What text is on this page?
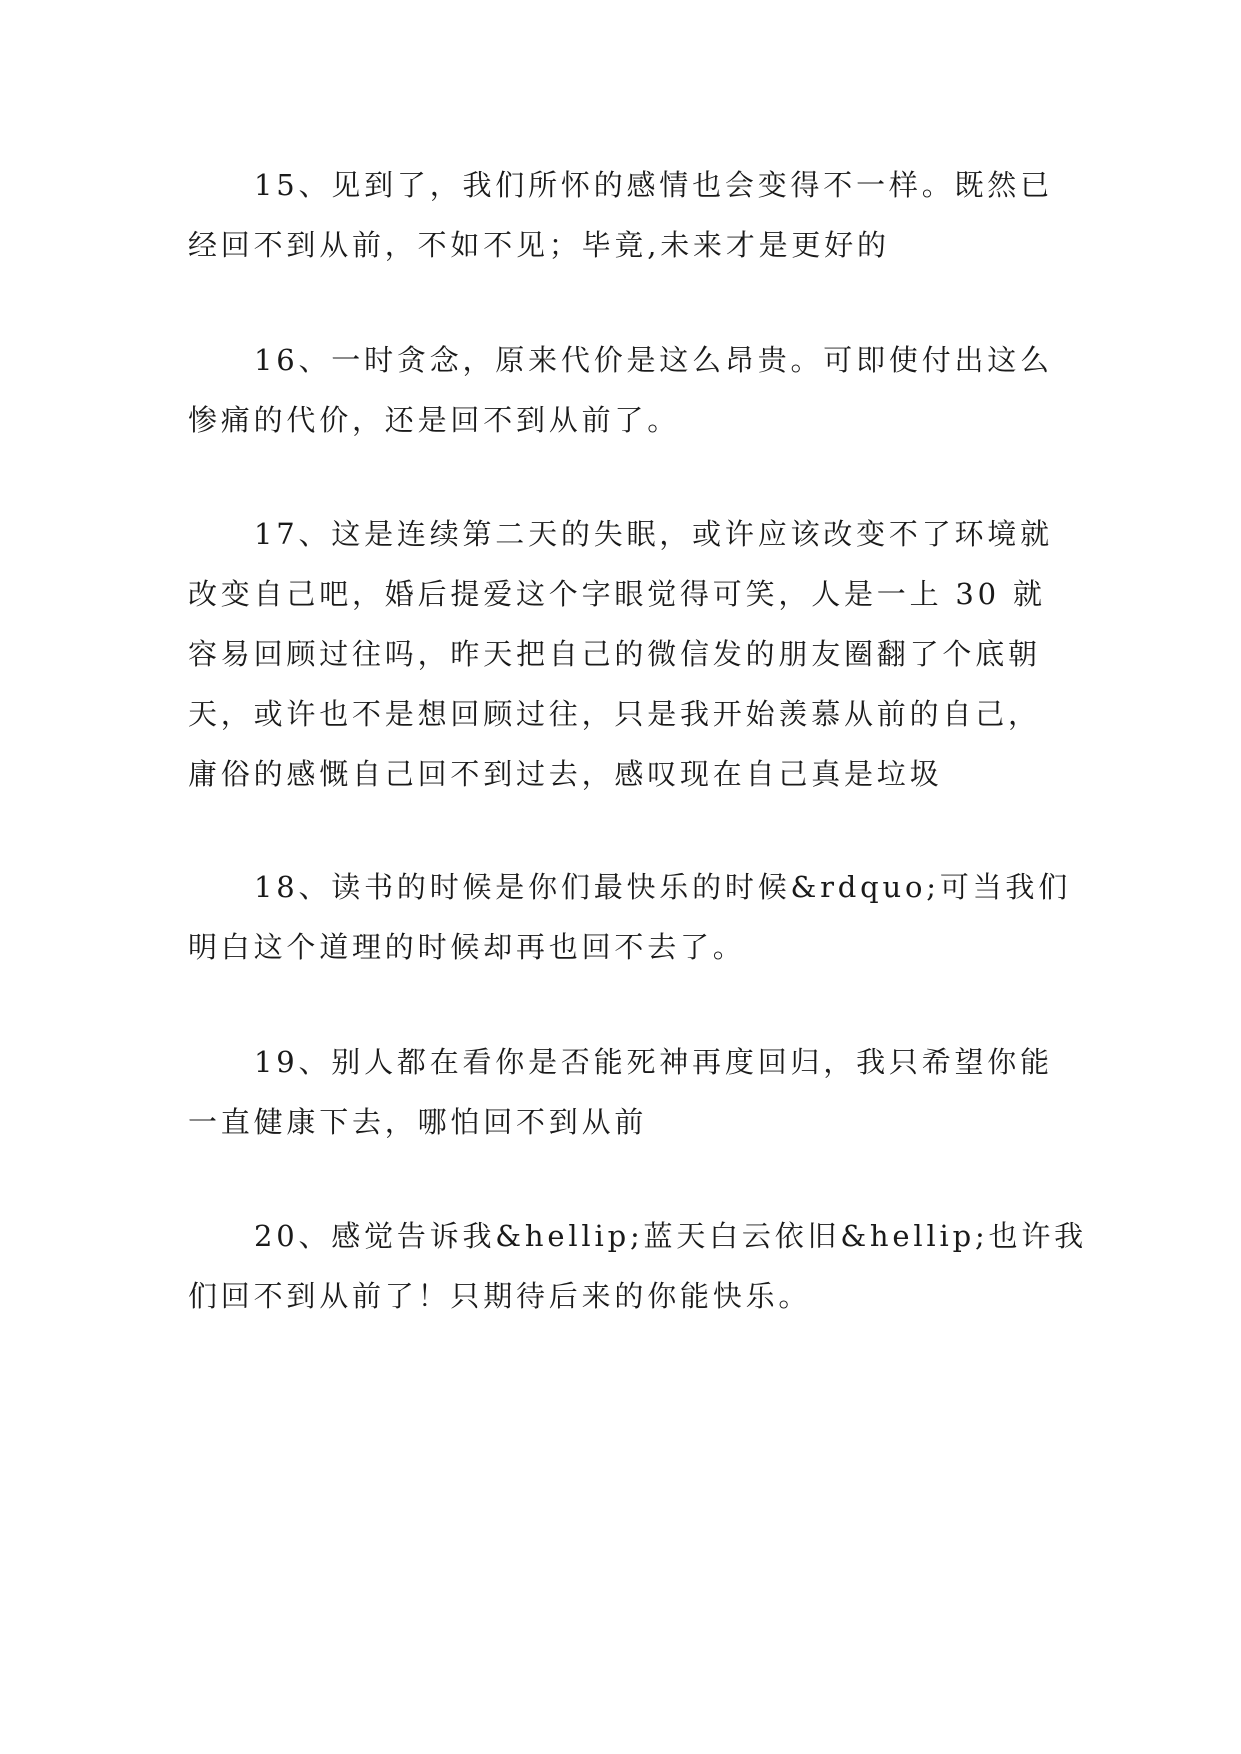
15、见到了，我们所怀的感情也会变得不一样。既然已
经回不到从前，不如不见；毕竟,未来才是更好的

16、一时贪念，原来代价是这么昂贵。可即使付出这么
惨痛的代价，还是回不到从前了。

17、这是连续第二天的失眠，或许应该改变不了环境就
改变自己吧，婚后提爱这个字眼觉得可笑，人是一上 30 就
容易回顾过往吗，昨天把自己的微信发的朋友圈翻了个底朝
天，或许也不是想回顾过往，只是我开始羡慕从前的自己，
庸俗的感慨自己回不到过去，感叹现在自己真是垃圾

18、读书的时候是你们最快乐的时候&rdquo;可当我们
明白这个道理的时候却再也回不去了。

19、别人都在看你是否能死神再度回归，我只希望你能
一直健康下去，哪怕回不到从前

20、感觉告诉我&hellip;蓝天白云依旧&hellip;也许我
们回不到从前了！只期待后来的你能快乐。
